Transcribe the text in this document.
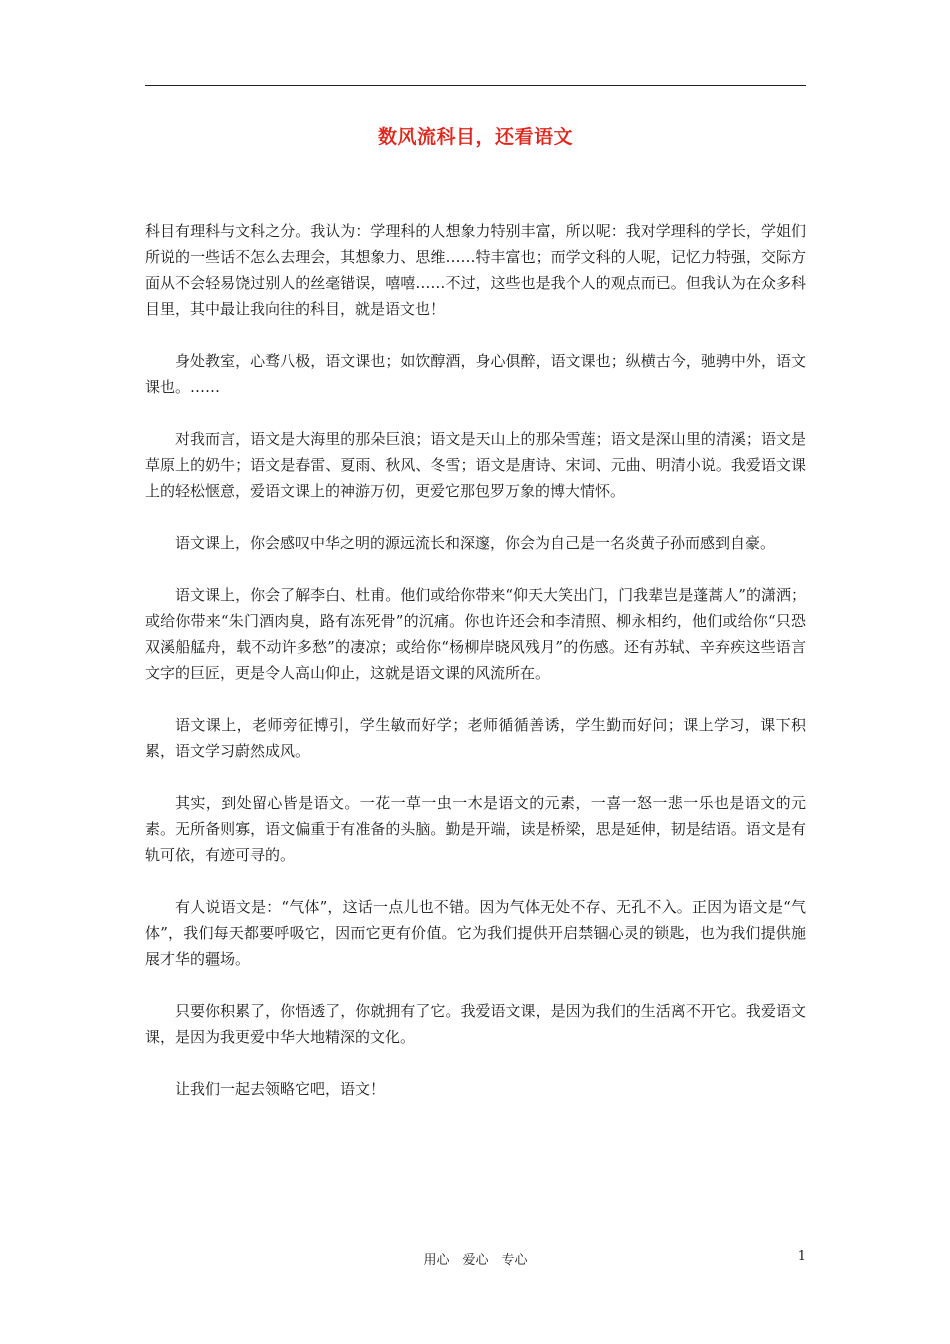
数风流科目，还看语文

科目有理科与文科之分。我认为：学理科的人想象力特别丰富，所以呢：我对学理科的学长，学姐们所说的一些话不怎么去理会，其想象力、思维……特丰富也；而学文科的人呢，记忆力特强，交际方面从不会轻易饶过别人的丝毫错误，嘻嘻……不过，这些也是我个人的观点而已。但我认为在众多科目里，其中最让我向往的科目，就是语文也！

身处教室，心骛八极，语文课也；如饮醇酒，身心俱醉，语文课也；纵横古今，驰骋中外，语文课也。……

对我而言，语文是大海里的那朵巨浪；语文是天山上的那朵雪莲；语文是深山里的清溪；语文是草原上的奶牛；语文是春雷、夏雨、秋风、冬雪；语文是唐诗、宋词、元曲、明清小说。我爱语文课上的轻松惬意，爱语文课上的神游万仞，更爱它那包罗万象的博大情怀。

语文课上，你会感叹中华之明的源远流长和深邃，你会为自己是一名炎黄子孙而感到自豪。

语文课上，你会了解李白、杜甫。他们或给你带来“仰天大笑出门，门我辈岂是蓬蒿人”的潇洒；或给你带来“朱门酒肉臭，路有冻死骨”的沉痛。你也许还会和李清照、柳永相约，他们或给你“只恐双溪船艋舟，载不动许多愁”的凄凉；或给你“杨柳岸晓风残月”的伤感。还有苏轼、辛弃疾这些语言文字的巨匠，更是令人高山仰止，这就是语文课的风流所在。

语文课上，老师旁征博引，学生敏而好学；老师循循善诱，学生勤而好问；课上学习，课下积累，语文学习蔚然成风。

其实，到处留心皆是语文。一花一草一虫一木是语文的元素，一喜一怒一悲一乐也是语文的元素。无所备则寡，语文偏重于有准备的头脑。勤是开端，读是桥梁，思是延伸，韧是结语。语文是有轨可依，有迹可寻的。

有人说语文是：“气体”，这话一点儿也不错。因为气体无处不存、无孔不入。正因为语文是“气体”，我们每天都要呼吸它，因而它更有价值。它为我们提供开启禁锢心灵的锁匙，也为我们提供施展才华的疆场。

只要你积累了，你悟透了，你就拥有了它。我爱语文课，是因为我们的生活离不开它。我爱语文课，是因为我更爱中华大地精深的文化。

让我们一起去领略它吧，语文！

用心　爱心　专心	1
